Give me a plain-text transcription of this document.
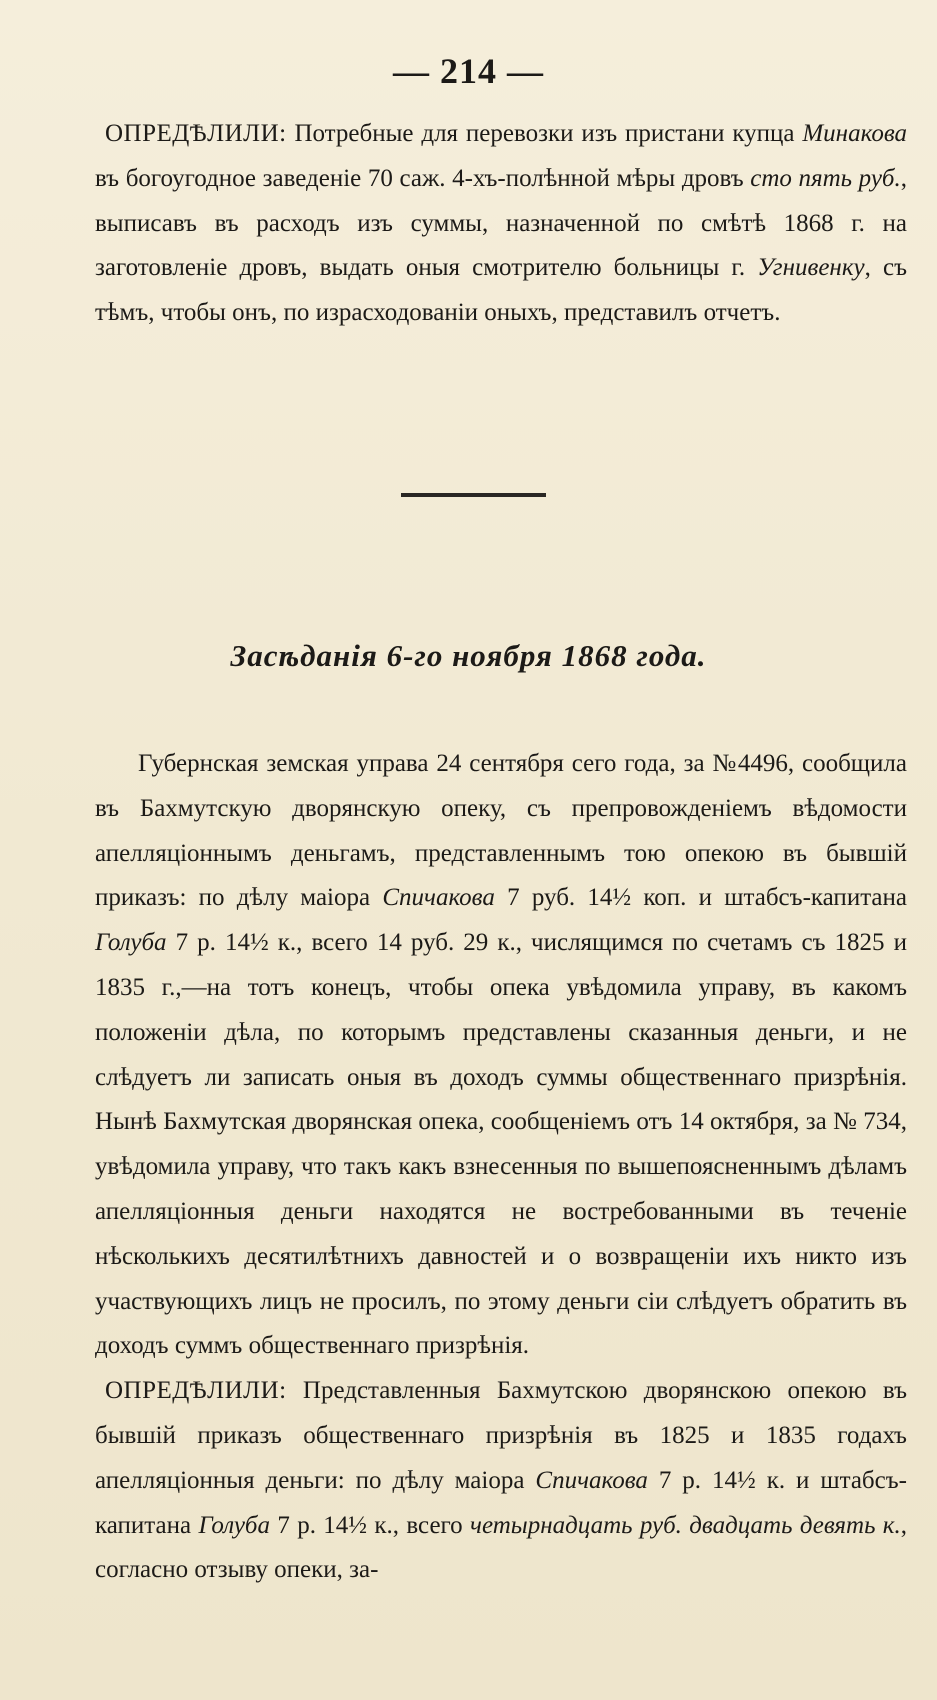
— 214 —

ОПРЕДѢЛИЛИ: Потребные для перевозки изъ пристани купца Минакова въ богоугодное заведеніе 70 саж. 4-хъ-полѣнной мѣры дровъ сто пять руб., выписавъ въ расходъ изъ суммы, назначенной по смѣтѣ 1868 г. на заготовленіе дровъ, выдать оныя смотрителю больницы г. Угнивенку, съ тѣмъ, чтобы онъ, по израсходованіи оныхъ, представилъ отчетъ.

Засѣданія 6-го ноября 1868 года.

Губернская земская управа 24 сентября сего года, за №4496, сообщила въ Бахмутскую дворянскую опеку, съ препровожденіемъ вѣдомости апелляціоннымъ деньгамъ, представленнымъ тою опекою въ бывшій приказъ: по дѣлу маіора Спичакова 7 руб. 14½ коп. и штабсъ-капитана Голуба 7 р. 14½ к., всего 14 руб. 29 к., числящимся по счетамъ съ 1825 и 1835 г.,—на тотъ конецъ, чтобы опека увѣдомила управу, въ какомъ положеніи дѣла, по которымъ представлены сказанныя деньги, и не слѣдуетъ ли записать оныя въ доходъ суммы общественнаго призрѣнія. Нынѣ Бахмутская дворянская опека, сообщеніемъ отъ 14 октября, за № 734, увѣдомила управу, что такъ какъ взнесенныя по вышепоясненнымъ дѣламъ апелляціонныя деньги находятся не востребованными въ теченіе нѣсколькихъ десятилѣтнихъ давностей и о возвращеніи ихъ никто изъ участвующихъ лицъ не просилъ, по этому деньги сіи слѣдуетъ обратить въ доходъ суммъ общественнаго призрѣнія.

ОПРЕДѢЛИЛИ: Представленныя Бахмутскою дворянскою опекою въ бывшій приказъ общественнаго призрѣнія въ 1825 и 1835 годахъ апелляціонныя деньги: по дѣлу маіора Спичакова 7 р. 14½ к. и штабсъ-капитана Голуба 7 р. 14½ к., всего четырнадцать руб. двадцать девять к., согласно отзыву опеки, за-
